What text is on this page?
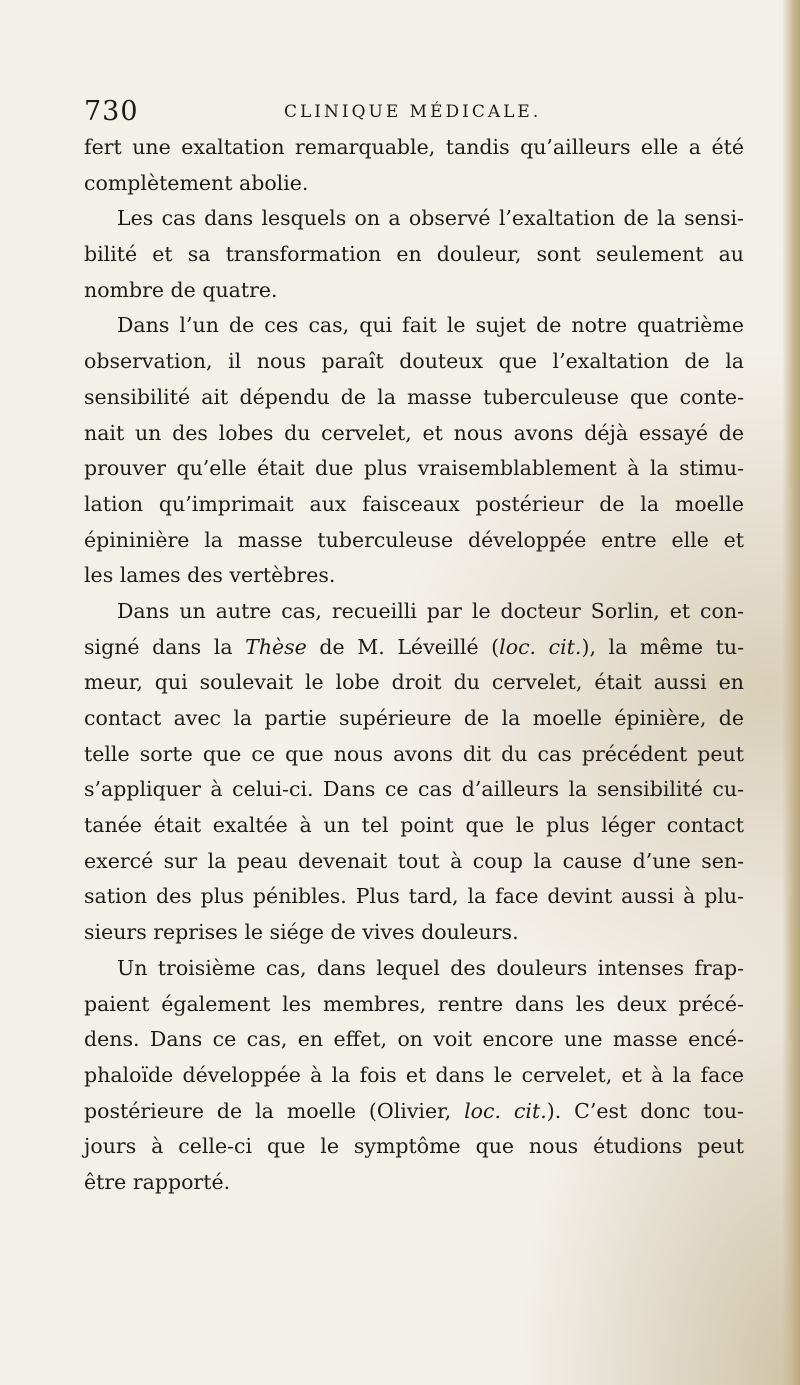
730	CLINIQUE MÉDICALE.
fert une exaltation remarquable, tandis qu’ailleurs elle a été
complètement abolie.
Les cas dans lesquels on a observé l’exaltation de la sensi-
bilité et sa transformation en douleur, sont seulement au
nombre de quatre.
Dans l’un de ces cas, qui fait le sujet de notre quatrième
observation, il nous paraît douteux que l’exaltation de la
sensibilité ait dépendu de la masse tuberculeuse que conte-
nait un des lobes du cervelet, et nous avons déjà essayé de
prouver qu’elle était due plus vraisemblablement à la stimu-
lation qu’imprimait aux faisceaux postérieur de la moelle
épininière la masse tuberculeuse développée entre elle et
les lames des vertèbres.
Dans un autre cas, recueilli par le docteur Sorlin, et con-
signé dans la Thèse de M. Léveillé (loc. cit.), la même tu-
meur, qui soulevait le lobe droit du cervelet, était aussi en
contact avec la partie supérieure de la moelle épinière, de
telle sorte que ce que nous avons dit du cas précédent peut
s’appliquer à celui-ci. Dans ce cas d’ailleurs la sensibilité cu-
tanée était exaltée à un tel point que le plus léger contact
exercé sur la peau devenait tout à coup la cause d’une sen-
sation des plus pénibles. Plus tard, la face devint aussi à plu-
sieurs reprises le siége de vives douleurs.
Un troisième cas, dans lequel des douleurs intenses frap-
paient également les membres, rentre dans les deux précé-
dens. Dans ce cas, en effet, on voit encore une masse encé-
phaloïde développée à la fois et dans le cervelet, et à la face
postérieure de la moelle (Olivier, loc. cit.). C’est donc tou-
jours à celle-ci que le symptôme que nous étudions peut
être rapporté.
